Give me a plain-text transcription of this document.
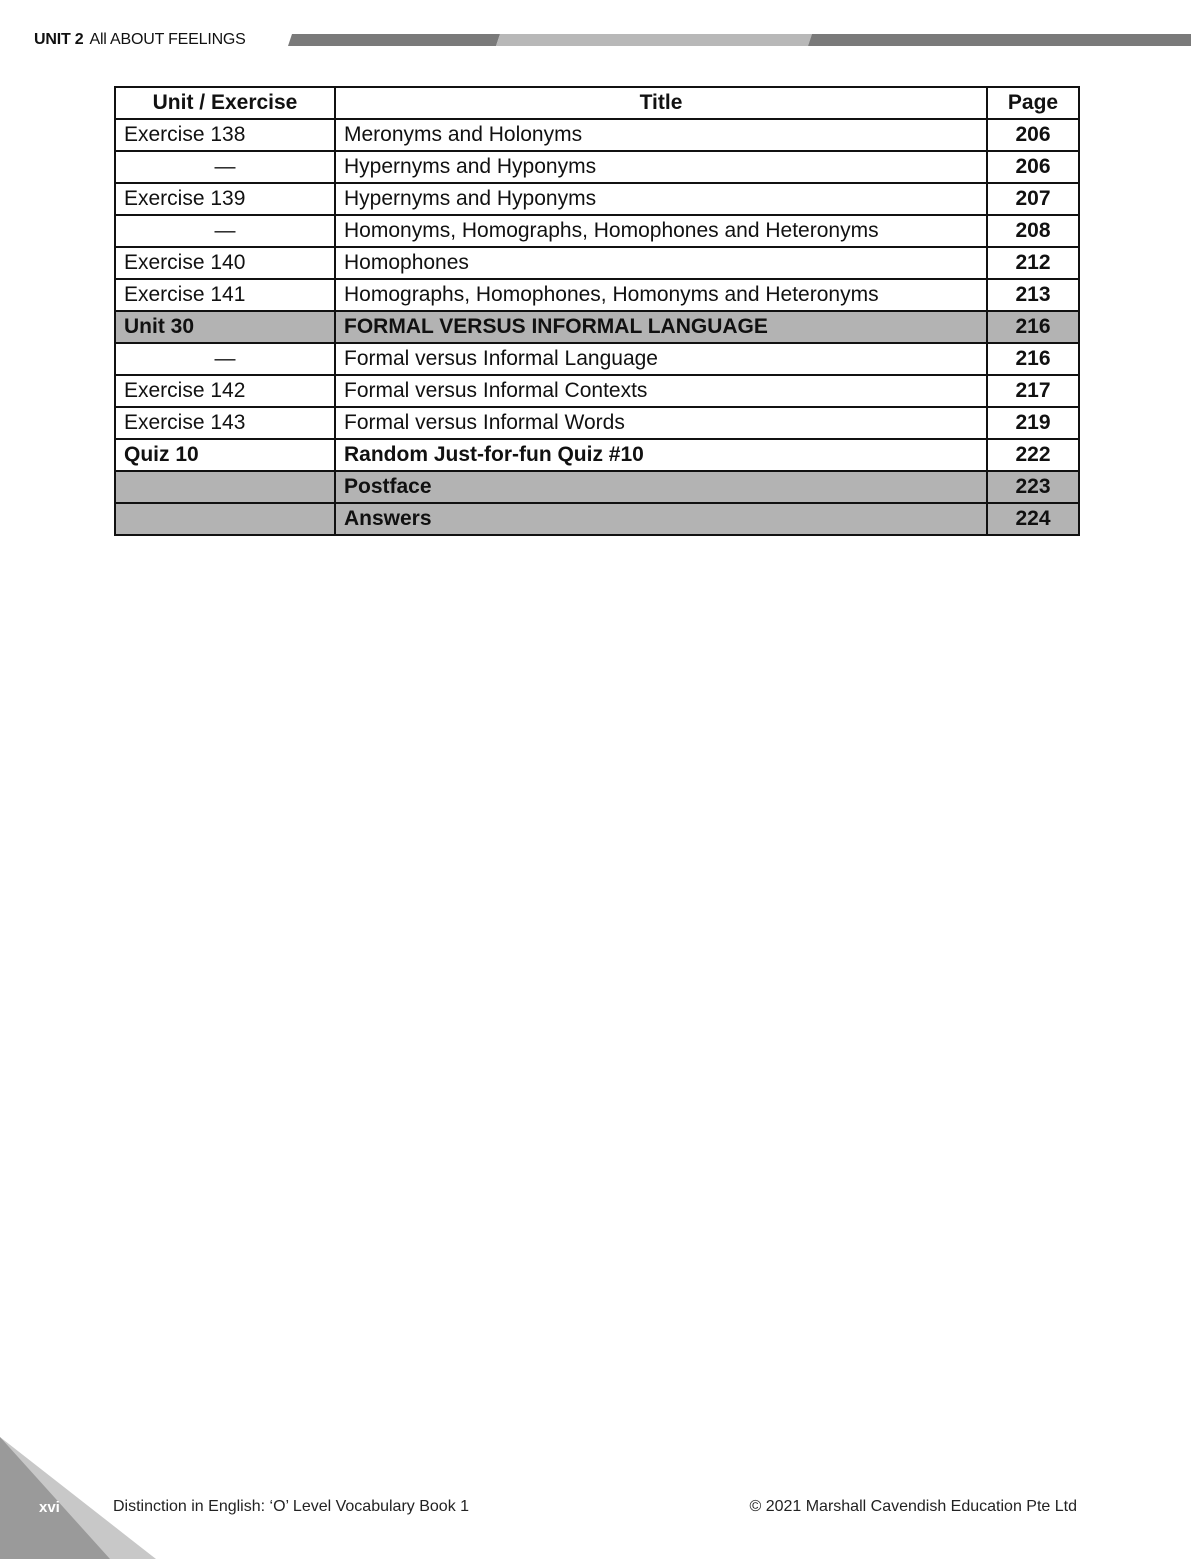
UNIT 2 All ABOUT FEELINGS
Unit / Exercise	Title	Page
Exercise 138	Meronyms and Holonyms	206
—	Hypernyms and Hyponyms	206
Exercise 139	Hypernyms and Hyponyms	207
—	Homonyms, Homographs, Homophones and Heteronyms	208
Exercise 140	Homophones	212
Exercise 141	Homographs, Homophones, Homonyms and Heteronyms	213
Unit 30	FORMAL VERSUS INFORMAL LANGUAGE	216
—	Formal versus Informal Language	216
Exercise 142	Formal versus Informal Contexts	217
Exercise 143	Formal versus Informal Words	219
Quiz 10	Random Just-for-fun Quiz #10	222
	Postface	223
	Answers	224
xvi	Distinction in English: ‘O’ Level Vocabulary Book 1	© 2021 Marshall Cavendish Education Pte Ltd
